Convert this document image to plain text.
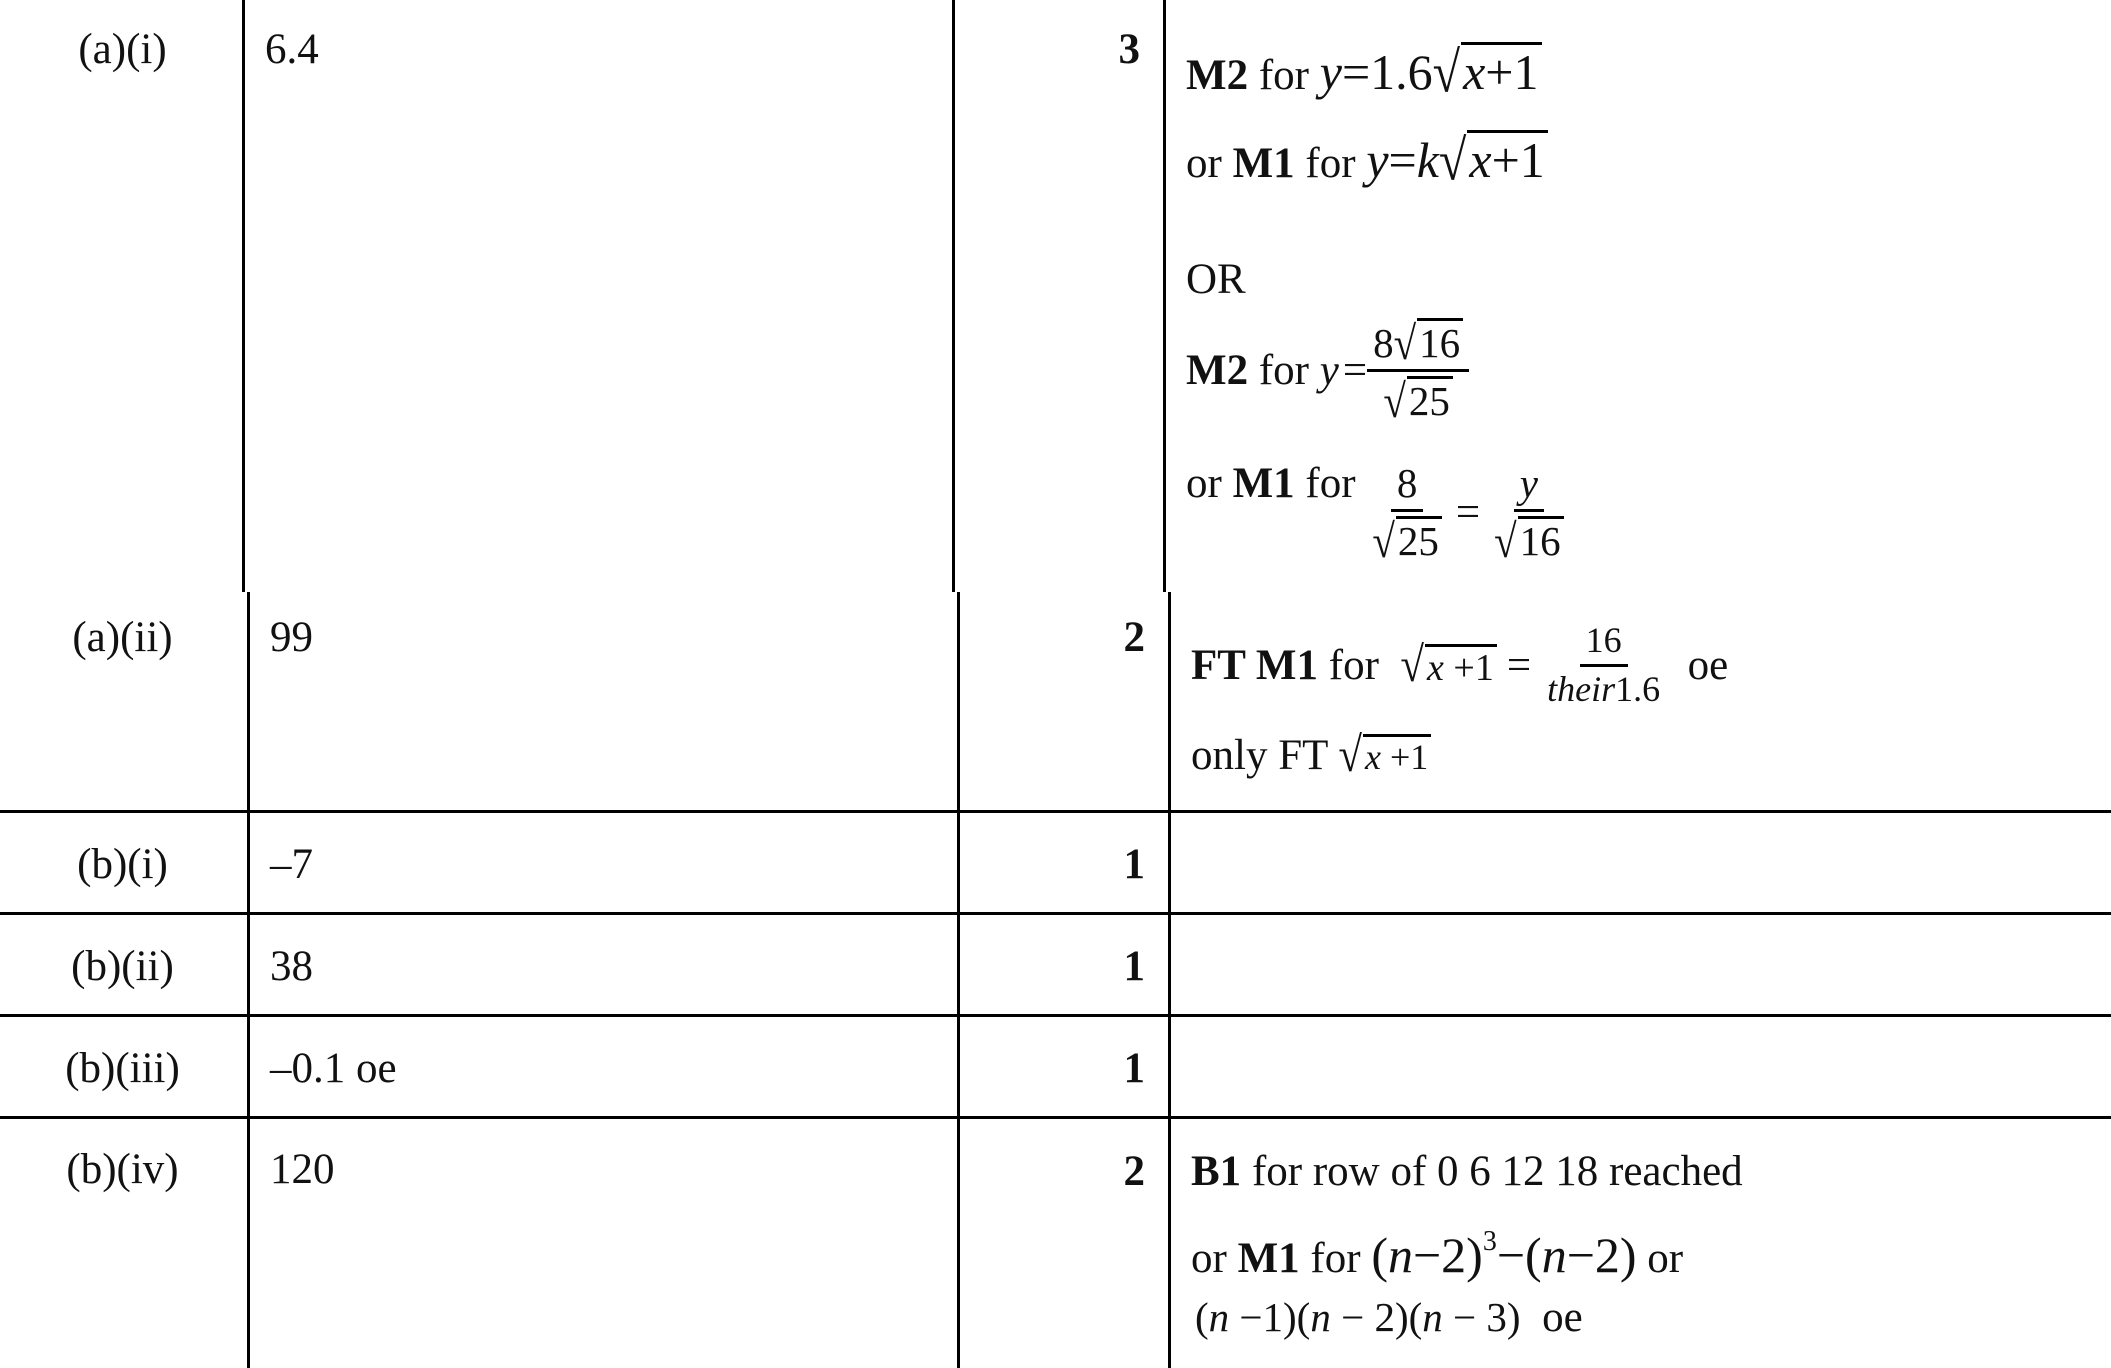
(a)(i)	6.4	3
M2 for y=1.6√x+1
or M1 for y=k√x+1
OR
M2 for $y = \frac{8√16}{√25}$
or M1 for $\frac{8}{√25} = \frac{y}{√16}$
(a)(ii)	99	2
FT M1
for
√ $x +1 = \frac{16}{\text{their1.6}}$
oe
only FT √x +1
(b)(i)	–7	1
(b)(ii)	38	1
(b)(iii)	–0.1 oe	1
(b)(iv)	120	2 B1 for row of 0 6 12 18 reached
or M1 for $(n-2)^3-(n-2)$ or
(n −1)(n − 2)(n − 3) oe
